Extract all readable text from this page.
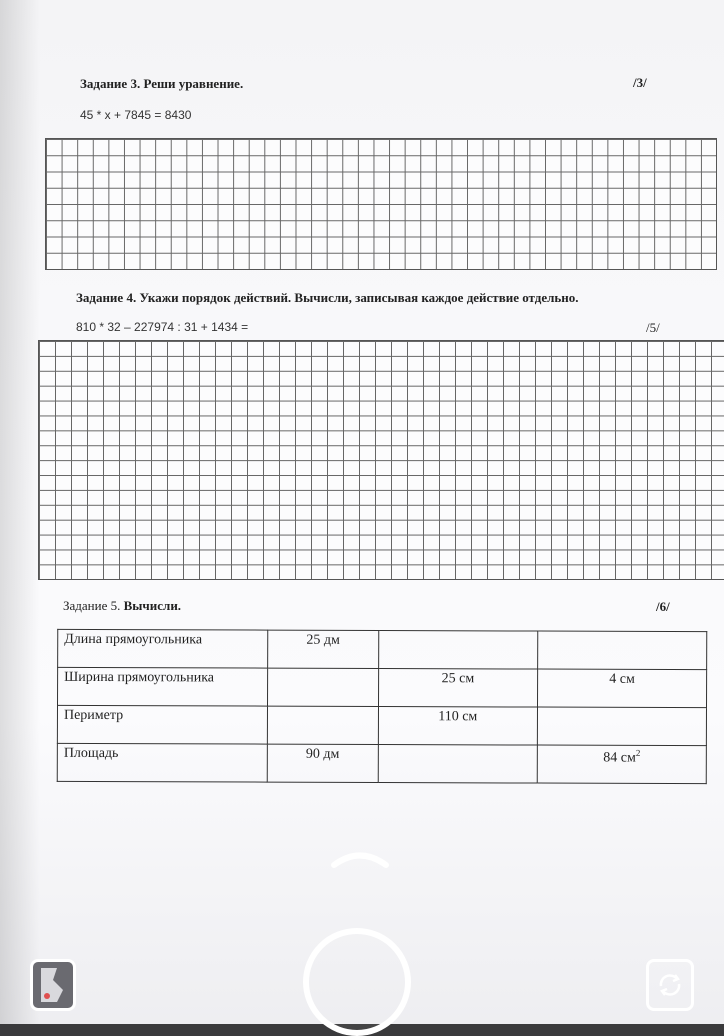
Задание 3. Реши уравнение.	/3/
45 * x + 7845 = 8430
Задание 4. Укажи порядок действий. Вычисли, записывая каждое действие отдельно.
810 * 32 – 227974 : 31 + 1434 =	/5/
Задание 5. Вычисли.	/6/
Длина прямоугольника	25 дм		
Ширина прямоугольника		25 см	4 см
Периметр		110 см	
Площадь	90 дм		84 $см^2$
